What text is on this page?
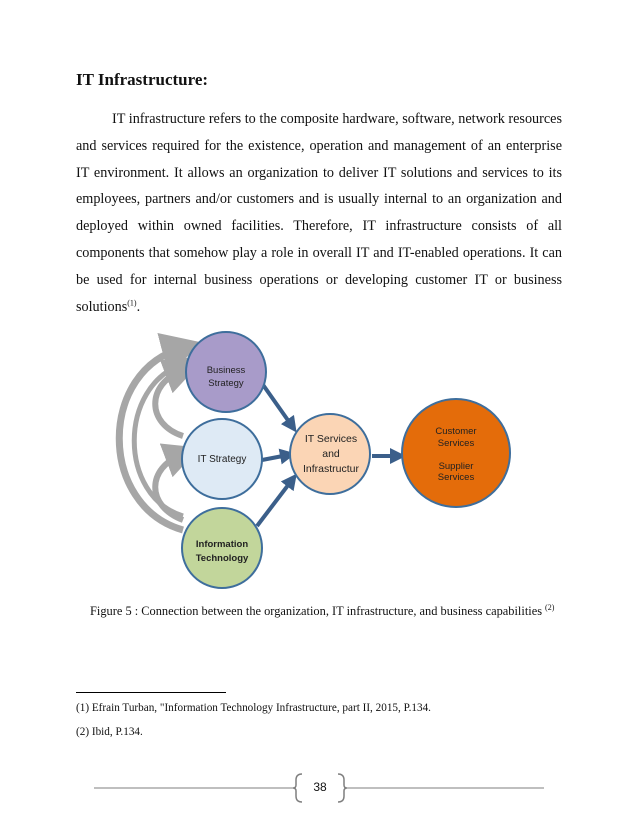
IT Infrastructure:

IT infrastructure refers to the composite hardware, software, network resources and services required for the existence, operation and management of an enterprise IT environment. It allows an organization to deliver IT solutions and services to its employees, partners and/or customers and is usually internal to an organization and deployed within owned facilities. Therefore, IT infrastructure consists of all components that somehow play a role in overall IT and IT-enabled operations. It can be used for internal business operations or developing customer IT or business solutions$^{(1)}$.

Business
Strategy
IT Strategy
Information
Technology
IT Services
and
Infrastructur
Customer
Services
Supplier
Services
Figure 5 : Connection between the organization, IT infrastructure, and business capabilities $^{(2)}$
(1) Efrain Turban, "Information Technology Infrastructure, part II, 2015, P.134.
(2) Ibid, P.134.
38
